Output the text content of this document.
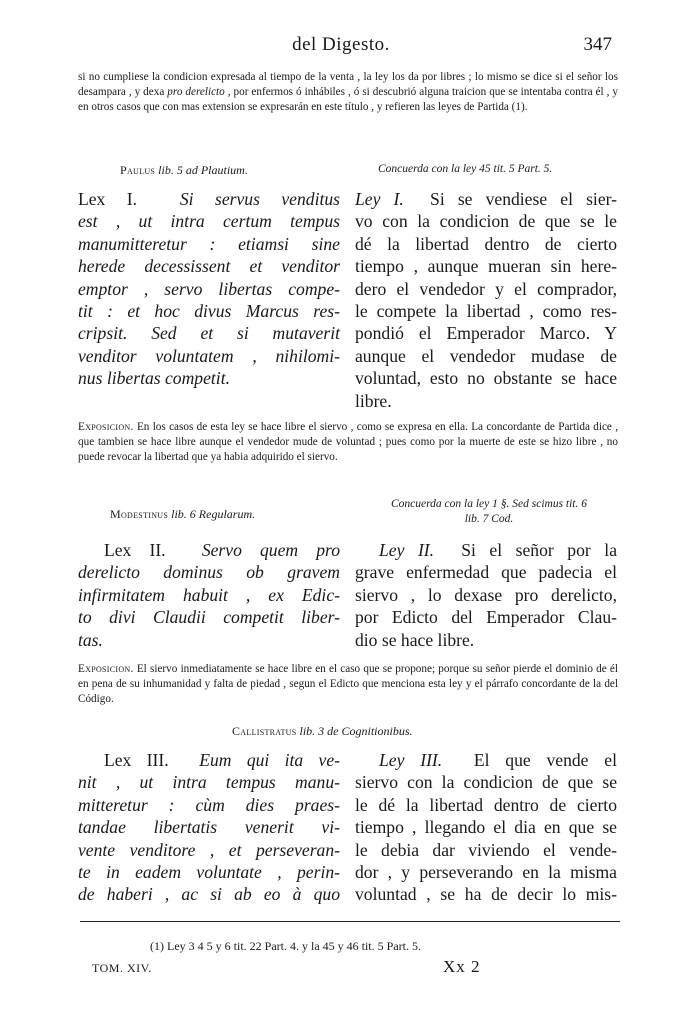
del Digesto.	347
si no cumpliese la condicion expresada al tiempo de la venta , la ley los da por libres ; lo mismo se dice si el señor los desampara , y dexa pro derelicto , por enfermos ó inhábiles , ó si descubrió alguna traicion que se intentaba contra él , y en otros casos que con mas extension se expresarán en este título , y refieren las leyes de Partida (1).
Paulus lib. 5 ad Plautium.	Concuerda con la ley 45 tit. 5 Part. 5.
Lex I.  Si servus venditus
est , ut intra certum tempus
manumitteretur : etiamsi sine
herede decessissent et venditor
emptor , servo libertas compe-
tit : et hoc divus Marcus res-
cripsit. Sed et si mutaverit
venditor voluntatem , nihilomi-
nus libertas competit.
Ley I. Si se vendiese el sier-
vo con la condicion de que se le
dé la libertad dentro de cierto
tiempo , aunque mueran sin here-
dero el vendedor y el comprador,
le compete la libertad , como res-
pondió el Emperador Marco. Y
aunque el vendedor mudase de
voluntad, esto no obstante se hace
libre.
Exposicion. En los casos de esta ley se hace libre el siervo , como se expresa en ella. La concordante de Partida dice , que tambien se hace libre aunque el vendedor mude de voluntad ; pues como por la muerte de este se hizo libre , no puede revocar la libertad que ya habia adquirido el siervo.
Modestinus lib. 6 Regularum.
Concuerda con la ley 1 §. Sed scimus tit. 6
lib. 7 Cod.
Lex II. Servo quem pro
derelicto dominus ob gravem
infirmitatem habuit , ex Edic-
to divi Claudii competit liber-
tas.
Ley II. Si el señor por la
grave enfermedad que padecia el
siervo , lo dexase pro derelicto,
por Edicto del Emperador Clau-
dio se hace libre.
Exposicion. El siervo inmediatamente se hace libre en el caso que se propone; porque su señor pierde el dominio de él en pena de su inhumanidad y falta de piedad , segun el Edicto que menciona esta ley y el párrafo concordante de la del Código.
Callistratus lib. 3 de Cognitionibus.
Lex III. Eum qui ita ve-
nit , ut intra tempus manu-
mitteretur : cùm dies praes-
tandae libertatis venerit vi-
vente venditore , et perseveran-
te in eadem voluntate , perin-
de haberi , ac si ab eo à quo
Ley III. El que vende el
siervo con la condicion de que se
le dé la libertad dentro de cierto
tiempo , llegando el dia en que se
le debia dar viviendo el vende-
dor , y perseverando en la misma
voluntad , se ha de decir lo mis-
(1) Ley 3 4 5 y 6 tit. 22 Part. 4. y la 45 y 46 tit. 5 Part. 5.
TOM. XIV.	Xx 2
